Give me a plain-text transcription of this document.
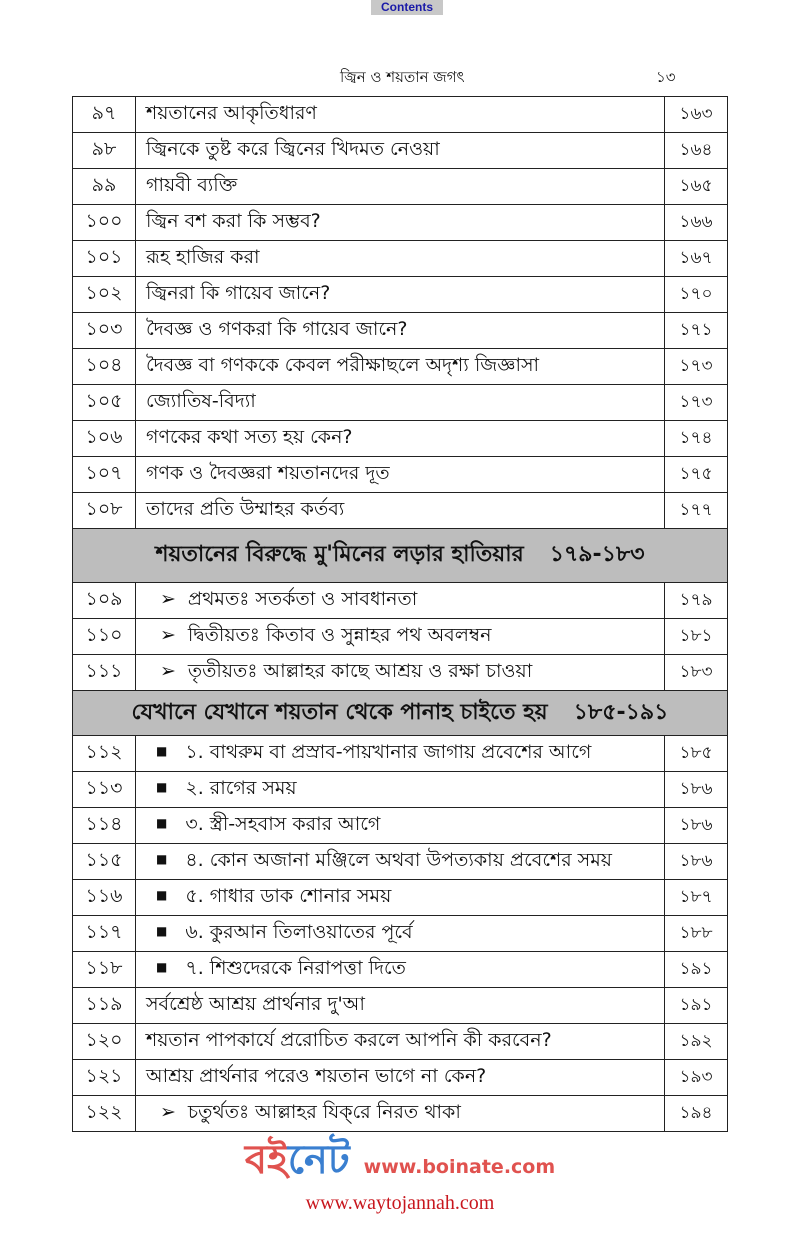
Contents
জ্বিন ও শয়তান জগৎ	১৩
৯৭	শয়তানের আকৃতিধারণ	১৬৩
৯৮	জ্বিনকে তুষ্ট করে জ্বিনের খিদমত নেওয়া	১৬৪
৯৯	গায়বী ব্যক্তি	১৬৫
১০০	জ্বিন বশ করা কি সম্ভব?	১৬৬
১০১	রূহ হাজির করা	১৬৭
১০২	জ্বিনরা কি গায়েব জানে?	১৭০
১০৩	দৈবজ্ঞ ও গণকরা কি গায়েব জানে?	১৭১
১০৪	দৈবজ্ঞ বা গণককে কেবল পরীক্ষাছলে অদৃশ্য জিজ্ঞাসা	১৭৩
১০৫	জ্যোতিষ-বিদ্যা	১৭৩
১০৬	গণকের কথা সত্য হয় কেন?	১৭৪
১০৭	গণক ও দৈবজ্ঞরা শয়তানদের দূত	১৭৫
১০৮	তাদের প্রতি উম্মাহর কর্তব্য	১৭৭
শয়তানের বিরুদ্ধে মু'মিনের লড়ার হাতিয়ার ১৭৯-১৮৩		
১০৯	➢ প্রথমতঃ সতর্কতা ও সাবধানতা	১৭৯
১১০	➢ দ্বিতীয়তঃ কিতাব ও সুন্নাহর পথ অবলম্বন	১৮১
১১১	➢ তৃতীয়তঃ আল্লাহর কাছে আশ্রয় ও রক্ষা চাওয়া	১৮৩
যেখানে যেখানে শয়তান থেকে পানাহ চাইতে হয় ১৮৫-১৯১		
১১২	■ ১. বাথরুম বা প্রস্রাব-পায়খানার জাগায় প্রবেশের আগে	১৮৫
১১৩	■ ২. রাগের সময়	১৮৬
১১৪	■ ৩. স্ত্রী-সহবাস করার আগে	১৮৬
১১৫	■ ৪. কোন অজানা মঞ্জিলে অথবা উপত্যকায় প্রবেশের সময়	১৮৬
১১৬	■ ৫. গাধার ডাক শোনার সময়	১৮৭
১১৭	■ ৬. কুরআন তিলাওয়াতের পূর্বে	১৮৮
১১৮	■ ৭. শিশুদেরকে নিরাপত্তা দিতে	১৯১
১১৯	সর্বশ্রেষ্ঠ আশ্রয় প্রার্থনার দু'আ	১৯১
১২০	শয়তান পাপকার্যে প্ররোচিত করলে আপনি কী করবেন?	১৯২
১২১	আশ্রয় প্রার্থনার পরেও শয়তান ভাগে না কেন?	১৯৩
১২২	➢ চতুর্থতঃ আল্লাহর যিক্‌রে নিরত থাকা	১৯৪
বইনেট www.boinate.com
www.waytojannah.com
